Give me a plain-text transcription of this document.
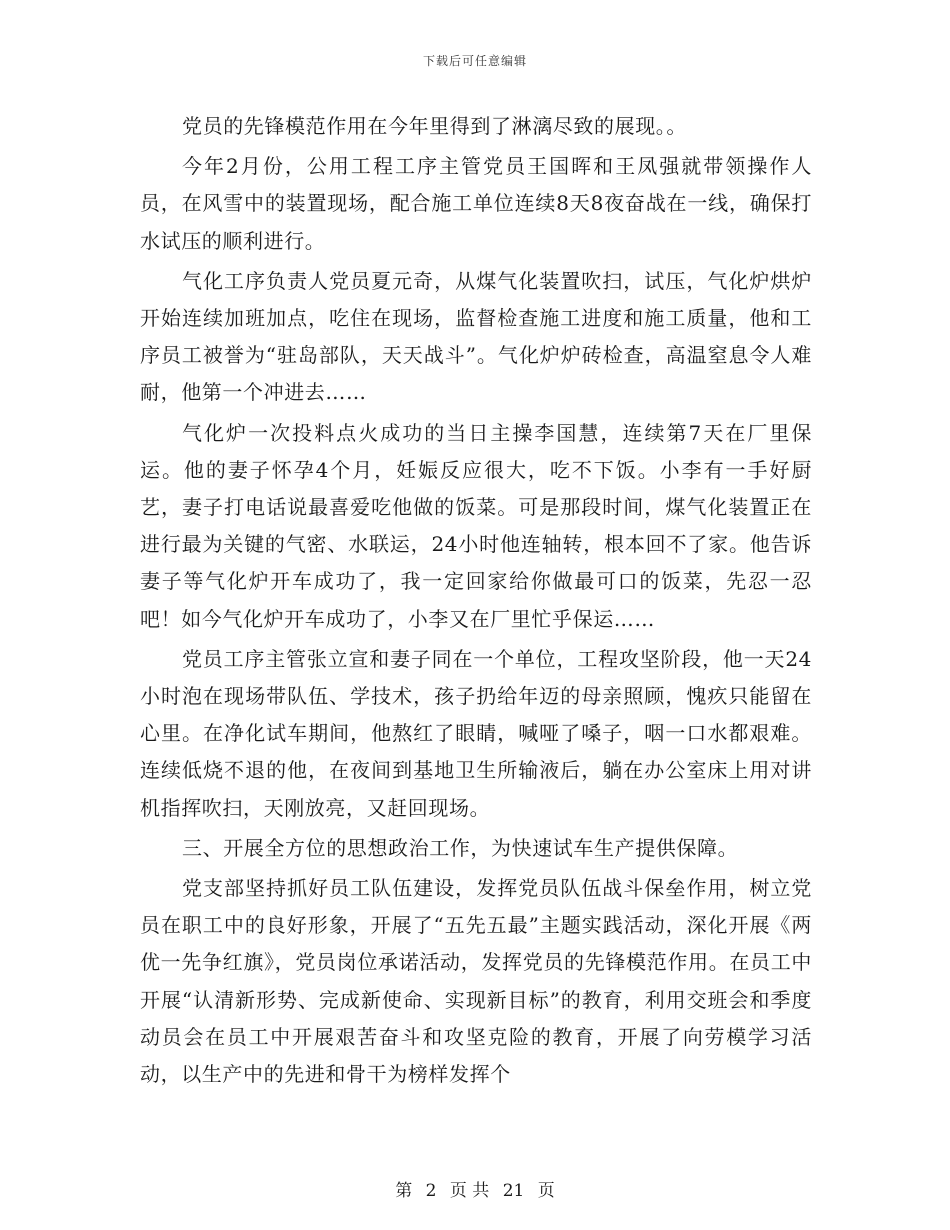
下载后可任意编辑

党员的先锋模范作用在今年里得到了淋漓尽致的展现。。

今年2月份，公用工程工序主管党员王国晖和王凤强就带领操作人员，在风雪中的装置现场，配合施工单位连续8天8夜奋战在一线，确保打水试压的顺利进行。

气化工序负责人党员夏元奇，从煤气化装置吹扫，试压，气化炉烘炉开始连续加班加点，吃住在现场，监督检查施工进度和施工质量，他和工序员工被誉为“驻岛部队，天天战斗”。气化炉炉砖检查，高温窒息令人难耐，他第一个冲进去……

气化炉一次投料点火成功的当日主操李国慧，连续第7天在厂里保运。他的妻子怀孕4个月，妊娠反应很大，吃不下饭。小李有一手好厨艺，妻子打电话说最喜爱吃他做的饭菜。可是那段时间，煤气化装置正在进行最为关键的气密、水联运，24小时他连轴转，根本回不了家。他告诉妻子等气化炉开车成功了，我一定回家给你做最可口的饭菜，先忍一忍吧！如今气化炉开车成功了，小李又在厂里忙乎保运……

党员工序主管张立宣和妻子同在一个单位，工程攻坚阶段，他一天24小时泡在现场带队伍、学技术，孩子扔给年迈的母亲照顾，愧疚只能留在心里。在净化试车期间，他熬红了眼睛，喊哑了嗓子，咽一口水都艰难。连续低烧不退的他，在夜间到基地卫生所输液后，躺在办公室床上用对讲机指挥吹扫，天刚放亮，又赶回现场。

三、开展全方位的思想政治工作，为快速试车生产提供保障。

党支部坚持抓好员工队伍建设，发挥党员队伍战斗保垒作用，树立党员在职工中的良好形象，开展了“五先五最”主题实践活动，深化开展《两优一先争红旗》，党员岗位承诺活动，发挥党员的先锋模范作用。在员工中开展“认清新形势、完成新使命、实现新目标”的教育，利用交班会和季度动员会在员工中开展艰苦奋斗和攻坚克险的教育，开展了向劳模学习活动，以生产中的先进和骨干为榜样发挥个

第 2 页 共 21 页
